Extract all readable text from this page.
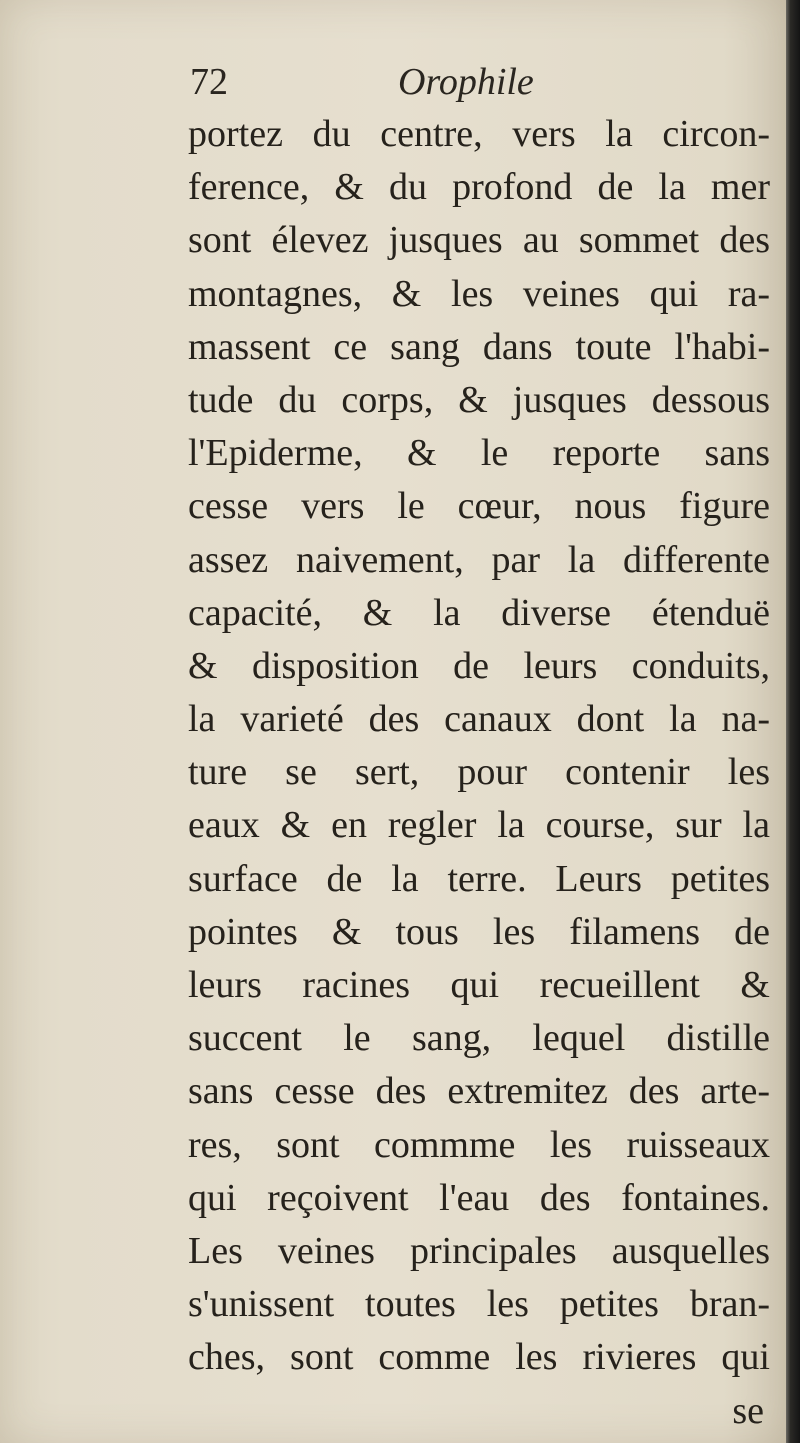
72	Orophile
portez du centre, vers la circon-
ference, & du profond de la mer
sont élevez jusques au sommet des
montagnes, & les veines qui ra-
massent ce sang dans toute l'habi-
tude du corps, & jusques dessous
l'Epiderme, & le reporte sans
cesse vers le cœur, nous figure
assez naivement, par la differente
capacité, & la diverse étenduë
& disposition de leurs conduits,
la varieté des canaux dont la na-
ture se sert, pour contenir les
eaux & en regler la course, sur la
surface de la terre. Leurs petites
pointes & tous les filamens de
leurs racines qui recueillent &
succent le sang, lequel distille
sans cesse des extremitez des arte-
res, sont commme les ruisseaux
qui reçoivent l'eau des fontaines.
Les veines principales ausquelles
s'unissent toutes les petites bran-
ches, sont comme les rivieres qui
se
